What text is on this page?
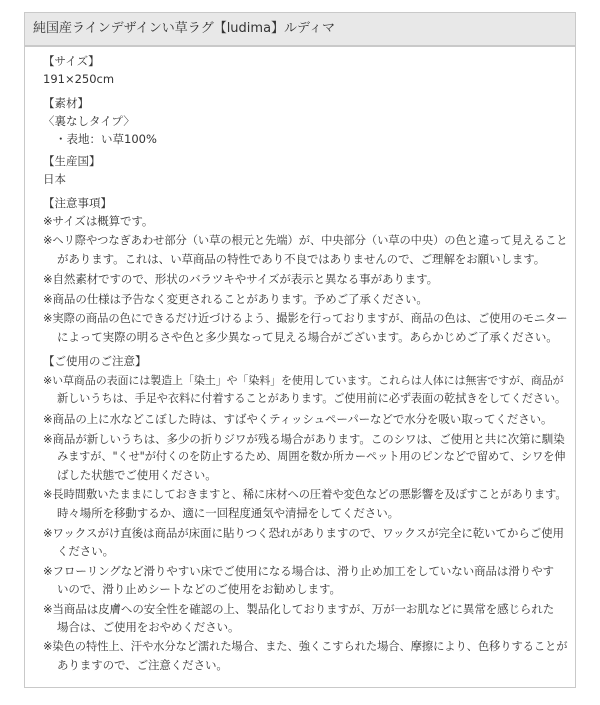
純国産ラインデザインい草ラグ【ludima】ルディマ
【サイズ】
191×250cm
【素材】
〈裏なしタイプ〉
・表地：い草100%
【生産国】
日本
【注意事項】
※サイズは概算です。
※ヘリ際やつなぎあわせ部分（い草の根元と先端）が、中央部分（い草の中央）の色と違って見えること
があります。これは、い草商品の特性であり不良ではありませんので、ご理解をお願いします。
※自然素材ですので、形状のバラツキやサイズが表示と異なる事があります。
※商品の仕様は予告なく変更されることがあります。予めご了承ください。
※実際の商品の色にできるだけ近づけるよう、撮影を行っておりますが、商品の色は、ご使用のモニター
によって実際の明るさや色と多少異なって見える場合がございます。あらかじめご了承ください。
【ご使用のご注意】
※い草商品の表面には製造上「染土」や「染料」を使用しています。これらは人体には無害ですが、商品が
新しいうちは、手足や衣料に付着することがあります。ご使用前に必ず表面の乾拭きをしてください。
※商品の上に水などこぼした時は、すばやくティッシュペーパーなどで水分を吸い取ってください。
※商品が新しいうちは、多少の折りジワが残る場合があります。このシワは、ご使用と共に次第に馴染
みますが、"くせ"が付くのを防止するため、周囲を数か所カーペット用のピンなどで留めて、シワを伸
ばした状態でご使用ください。
※長時間敷いたままにしておきますと、稀に床材への圧着や変色などの悪影響を及ぼすことがあります。
時々場所を移動するか、適に一回程度通気や清掃をしてください。
※ワックスがけ直後は商品が床面に貼りつく恐れがありますので、ワックスが完全に乾いてからご使用
ください。
※フローリングなど滑りやすい床でご使用になる場合は、滑り止め加工をしていない商品は滑りやす
いので、滑り止めシートなどのご使用をお勧めします。
※当商品は皮膚への安全性を確認の上、製品化しておりますが、万が一お肌などに異常を感じられた
場合は、ご使用をおやめください。
※染色の特性上、汗や水分など濡れた場合、また、強くこすられた場合、摩擦により、色移りすることが
ありますので、ご注意ください。
